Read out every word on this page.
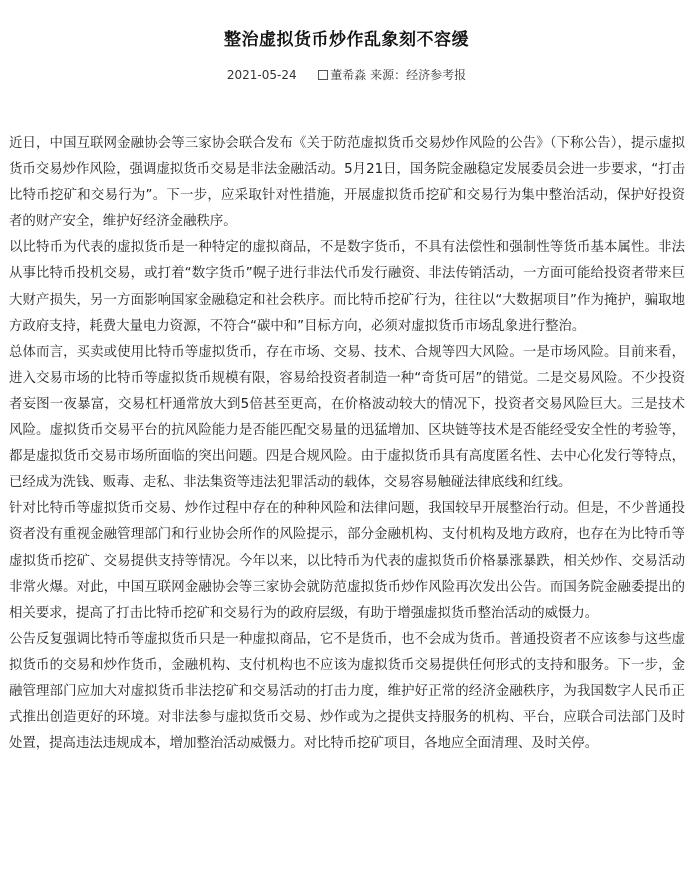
整治虚拟货币炒作乱象刻不容缓
2021-05-24	董希淼 来源：经济参考报

近日，中国互联网金融协会等三家协会联合发布《关于防范虚拟货币交易炒作风险的公告》（下称公告），提示虚拟货币交易炒作风险，强调虚拟货币交易是非法金融活动。5月21日，国务院金融稳定发展委员会进一步要求，“打击比特币挖矿和交易行为”。下一步，应采取针对性措施，开展虚拟货币挖矿和交易行为集中整治活动，保护好投资者的财产安全，维护好经济金融秩序。

以比特币为代表的虚拟货币是一种特定的虚拟商品，不是数字货币，不具有法偿性和强制性等货币基本属性。非法从事比特币投机交易，或打着“数字货币”幌子进行非法代币发行融资、非法传销活动，一方面可能给投资者带来巨大财产损失，另一方面影响国家金融稳定和社会秩序。而比特币挖矿行为，往往以“大数据项目”作为掩护，骗取地方政府支持，耗费大量电力资源，不符合“碳中和”目标方向，必须对虚拟货币市场乱象进行整治。

总体而言，买卖或使用比特币等虚拟货币，存在市场、交易、技术、合规等四大风险。一是市场风险。目前来看，进入交易市场的比特币等虚拟货币规模有限，容易给投资者制造一种“奇货可居”的错觉。二是交易风险。不少投资者妄图一夜暴富，交易杠杆通常放大到5倍甚至更高，在价格波动较大的情况下，投资者交易风险巨大。三是技术风险。虚拟货币交易平台的抗风险能力是否能匹配交易量的迅猛增加、区块链等技术是否能经受安全性的考验等，都是虚拟货币交易市场所面临的突出问题。四是合规风险。由于虚拟货币具有高度匿名性、去中心化发行等特点，已经成为洗钱、贩毒、走私、非法集资等违法犯罪活动的载体，交易容易触碰法律底线和红线。

针对比特币等虚拟货币交易、炒作过程中存在的种种风险和法律问题，我国较早开展整治行动。但是，不少普通投资者没有重视金融管理部门和行业协会所作的风险提示，部分金融机构、支付机构及地方政府，也存在为比特币等虚拟货币挖矿、交易提供支持等情况。今年以来，以比特币为代表的虚拟货币价格暴涨暴跌，相关炒作、交易活动非常火爆。对此，中国互联网金融协会等三家协会就防范虚拟货币炒作风险再次发出公告。而国务院金融委提出的相关要求，提高了打击比特币挖矿和交易行为的政府层级，有助于增强虚拟货币整治活动的威慑力。

公告反复强调比特币等虚拟货币只是一种虚拟商品，它不是货币，也不会成为货币。普通投资者不应该参与这些虚拟货币的交易和炒作货币，金融机构、支付机构也不应该为虚拟货币交易提供任何形式的支持和服务。下一步，金融管理部门应加大对虚拟货币非法挖矿和交易活动的打击力度，维护好正常的经济金融秩序，为我国数字人民币正式推出创造更好的环境。对非法参与虚拟货币交易、炒作或为之提供支持服务的机构、平台，应联合司法部门及时处置，提高违法违规成本，增加整治活动威慑力。对比特币挖矿项目，各地应全面清理、及时关停。
